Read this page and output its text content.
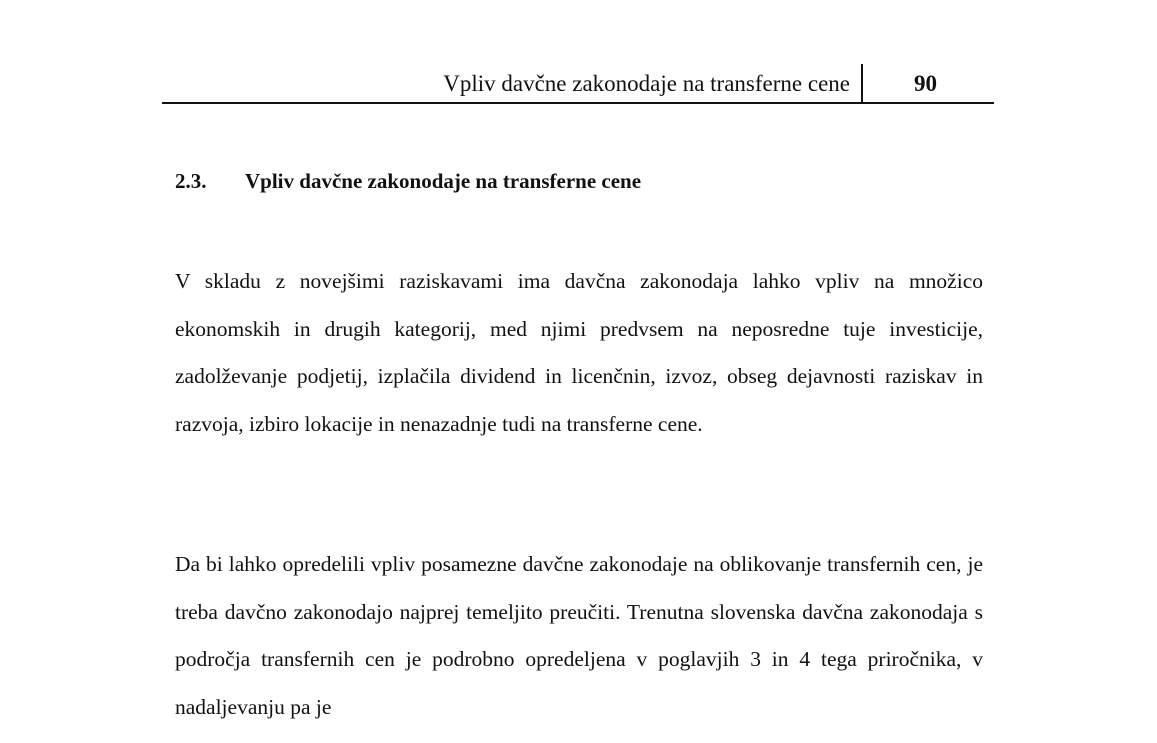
Vpliv davčne zakonodaje na transferne cene	90
2.3. Vpliv davčne zakonodaje na transferne cene

V skladu z novejšimi raziskavami ima davčna zakonodaja lahko vpliv na množico ekonomskih in drugih kategorij, med njimi predvsem na neposredne tuje investicije, zadolževanje podjetij, izplačila dividend in licenčnin, izvoz, obseg dejavnosti raziskav in razvoja, izbiro lokacije in nenazadnje tudi na transferne cene.

Da bi lahko opredelili vpliv posamezne davčne zakonodaje na oblikovanje transfernih cen, je treba davčno zakonodajo najprej temeljito preučiti. Trenutna slovenska davčna zakonodaja s področja transfernih cen je podrobno opredeljena v poglavjih 3 in 4 tega priročnika, v nadaljevanju pa je
